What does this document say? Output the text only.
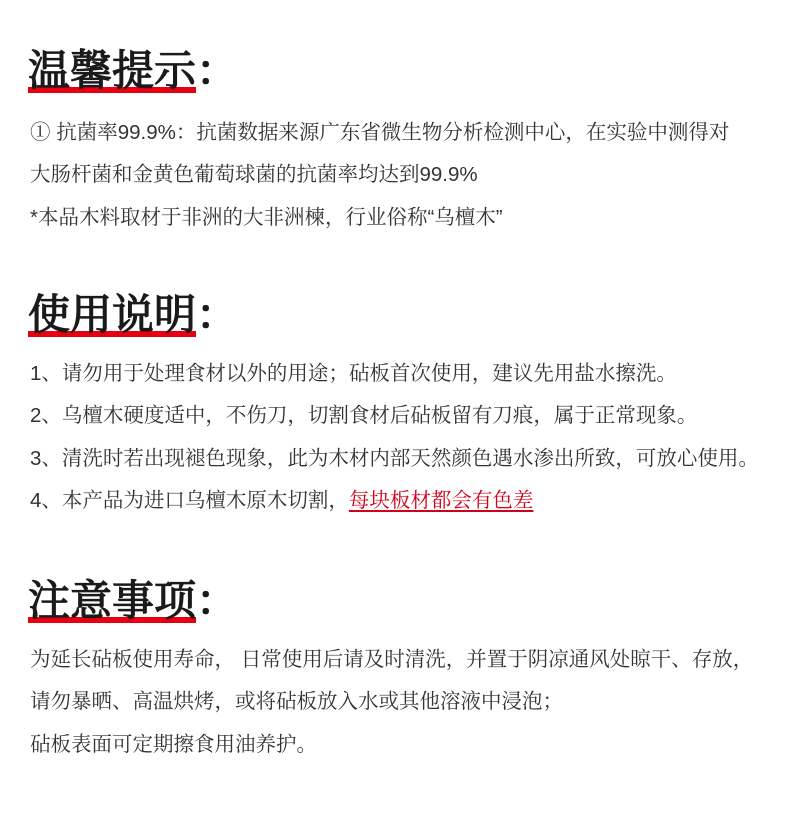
温馨提示
：
① 抗菌率99.9%：抗菌数据来源广东省微生物分析检测中心，在实验中测得对
大肠杆菌和金黄色葡萄球菌的抗菌率均达到99.9%
*本品木料取材于非洲的大非洲楝，行业俗称“乌檀木”
使用说明
：
1、请勿用于处理食材以外的用途；砧板首次使用，建议先用盐水擦洗。
2、乌檀木硬度适中，不伤刀，切割食材后砧板留有刀痕，属于正常现象。
3、清洗时若出现褪色现象，此为木材内部天然颜色遇水渗出所致，可放心使用。
4、本产品为进口乌檀木原木切割，每块板材都会有色差
注意事项
：
为延长砧板使用寿命， 日常使用后请及时清洗，并置于阴凉通风处晾干、存放，
请勿暴晒、高温烘烤，或将砧板放入水或其他溶液中浸泡；
砧板表面可定期擦食用油养护。
